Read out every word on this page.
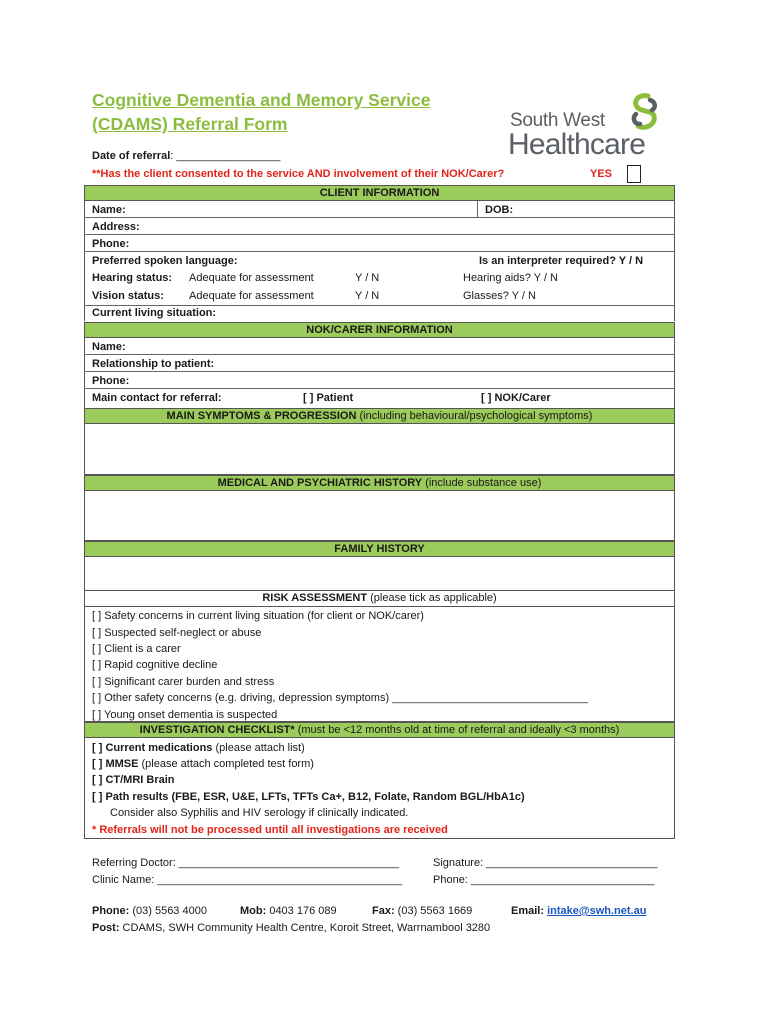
Cognitive Dementia and Memory Service
(CDAMS) Referral Form	South West
Healthcare
Date of referral: _________________
**Has the client consented to the service AND involvement of their NOK/Carer?	YES
CLIENT INFORMATION
Name:	DOB:
Address:
Phone:
Preferred spoken language:	Is an interpreter required? Y / N
Hearing status: Adequate for assessment	Y / N	Hearing aids? Y / N
Vision status: Adequate for assessment	Y / N	Glasses? Y / N
Current living situation:
NOK/CARER INFORMATION
Name:
Relationship to patient:
Phone:
Main contact for referral:	[ ] Patient	[ ] NOK/Carer
MAIN SYMPTOMS & PROGRESSION (including behavioural/psychological symptoms)
MEDICAL AND PSYCHIATRIC HISTORY (include substance use)
FAMILY HISTORY
RISK ASSESSMENT (please tick as applicable)
[ ] Safety concerns in current living situation (for client or NOK/carer)
[ ] Suspected self-neglect or abuse
[ ] Client is a carer
[ ] Rapid cognitive decline
[ ] Significant carer burden and stress
[ ] Other safety concerns (e.g. driving, depression symptoms) ________________________________
[ ] Young onset dementia is suspected
INVESTIGATION CHECKLIST* (must be <12 months old at time of referral and ideally <3 months)
[ ] Current medications (please attach list)
[ ] MMSE (please attach completed test form)
[ ] CT/MRI Brain
[ ] Path results (FBE, ESR, U&E, LFTs, TFTs Ca+, B12, Folate, Random BGL/HbA1c)
Consider also Syphilis and HIV serology if clinically indicated.
* Referrals will not be processed until all investigations are received
Referring Doctor: ____________________________________	Signature: ____________________________
Clinic Name: ________________________________________	Phone: ______________________________
Phone: (03) 5563 4000	Mob: 0403 176 089	Fax: (03) 5563 1669	Email: intake@swh.net.au
Post: CDAMS, SWH Community Health Centre, Koroit Street, Warrnambool 3280
